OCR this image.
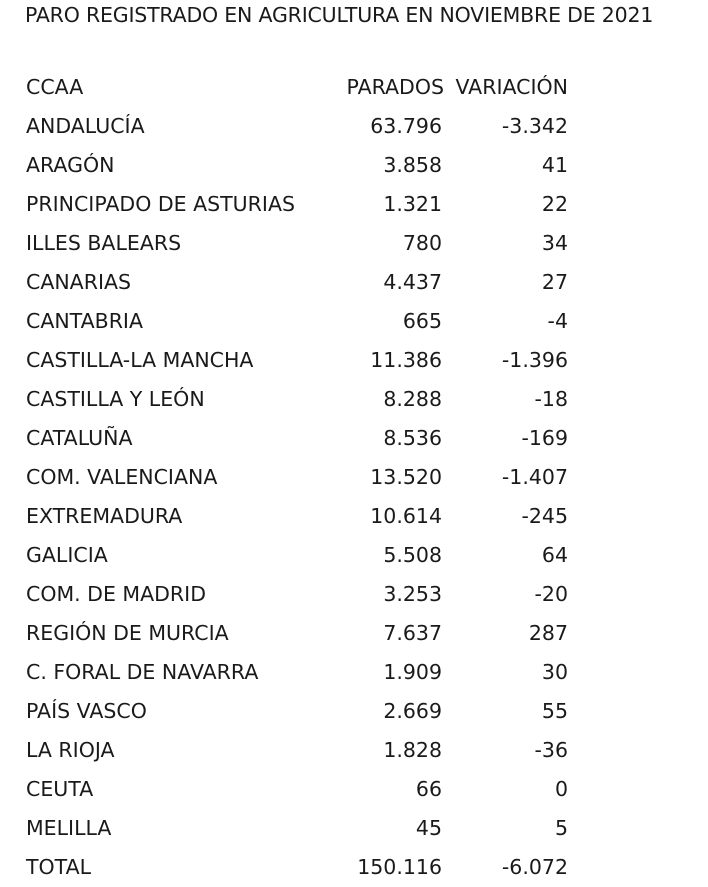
PARO REGISTRADO EN AGRICULTURA EN NOVIEMBRE DE 2021
CCAA	PARADOS VARIACIÓN
ANDALUCÍA	63.796	-3.342
ARAGÓN	3.858	41
PRINCIPADO DE ASTURIAS	1.321	22
ILLES BALEARS	780	34
CANARIAS	4.437	27
CANTABRIA	665	-4
CASTILLA-LA MANCHA	11.386	-1.396
CASTILLA Y LEÓN	8.288	-18
CATALUÑA	8.536	-169
COM. VALENCIANA	13.520	-1.407
EXTREMADURA	10.614	-245
GALICIA	5.508	64
COM. DE MADRID	3.253	-20
REGIÓN DE MURCIA	7.637	287
C. FORAL DE NAVARRA	1.909	30
PAÍS VASCO	2.669	55
LA RIOJA	1.828	-36
CEUTA	66	0
MELILLA	45	5
TOTAL	150.116	-6.072
